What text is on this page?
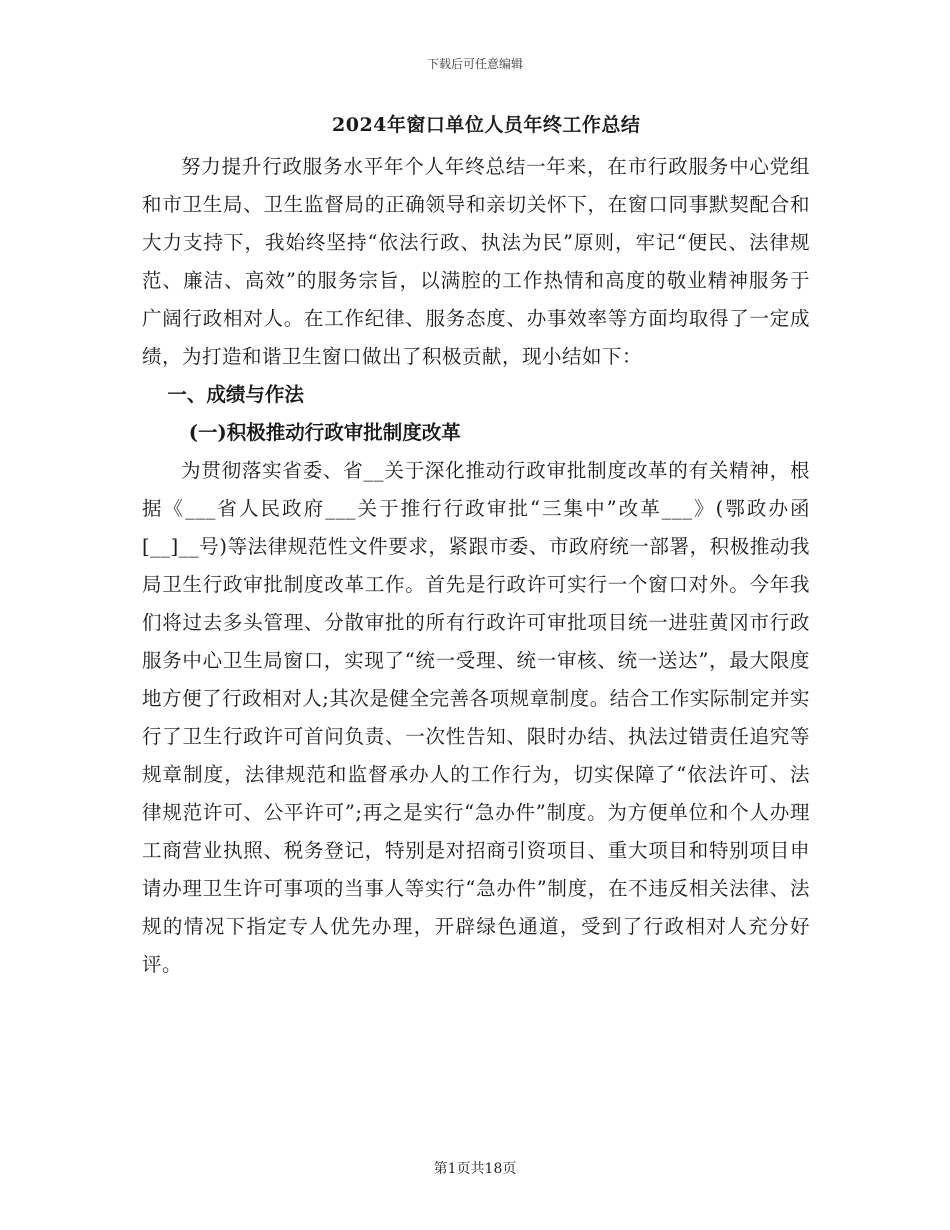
下载后可任意编辑
2024年窗口单位人员年终工作总结

努力提升行政服务水平年个人年终总结一年来，在市行政服务中心党组和市卫生局、卫生监督局的正确领导和亲切关怀下，在窗口同事默契配合和大力支持下，我始终坚持“依法行政、执法为民”原则，牢记“便民、法律规范、廉洁、高效”的服务宗旨，以满腔的工作热情和高度的敬业精神服务于广阔行政相对人。在工作纪律、服务态度、办事效率等方面均取得了一定成绩，为打造和谐卫生窗口做出了积极贡献，现小结如下：

一、成绩与作法

(一)积极推动行政审批制度改革

为贯彻落实省委、省__关于深化推动行政审批制度改革的有关精神，根据《___省人民政府___关于推行行政审批“三集中”改革___》(鄂政办函[__]__号)等法律规范性文件要求，紧跟市委、市政府统一部署，积极推动我局卫生行政审批制度改革工作。首先是行政许可实行一个窗口对外。今年我们将过去多头管理、分散审批的所有行政许可审批项目统一进驻黄冈市行政服务中心卫生局窗口，实现了“统一受理、统一审核、统一送达”，最大限度地方便了行政相对人;其次是健全完善各项规章制度。结合工作实际制定并实行了卫生行政许可首问负责、一次性告知、限时办结、执法过错责任追究等规章制度，法律规范和监督承办人的工作行为，切实保障了“依法许可、法律规范许可、公平许可”;再之是实行“急办件”制度。为方便单位和个人办理工商营业执照、税务登记，特别是对招商引资项目、重大项目和特别项目申请办理卫生许可事项的当事人等实行“急办件”制度，在不违反相关法律、法规的情况下指定专人优先办理，开辟绿色通道，受到了行政相对人充分好评。

第1页共18页
